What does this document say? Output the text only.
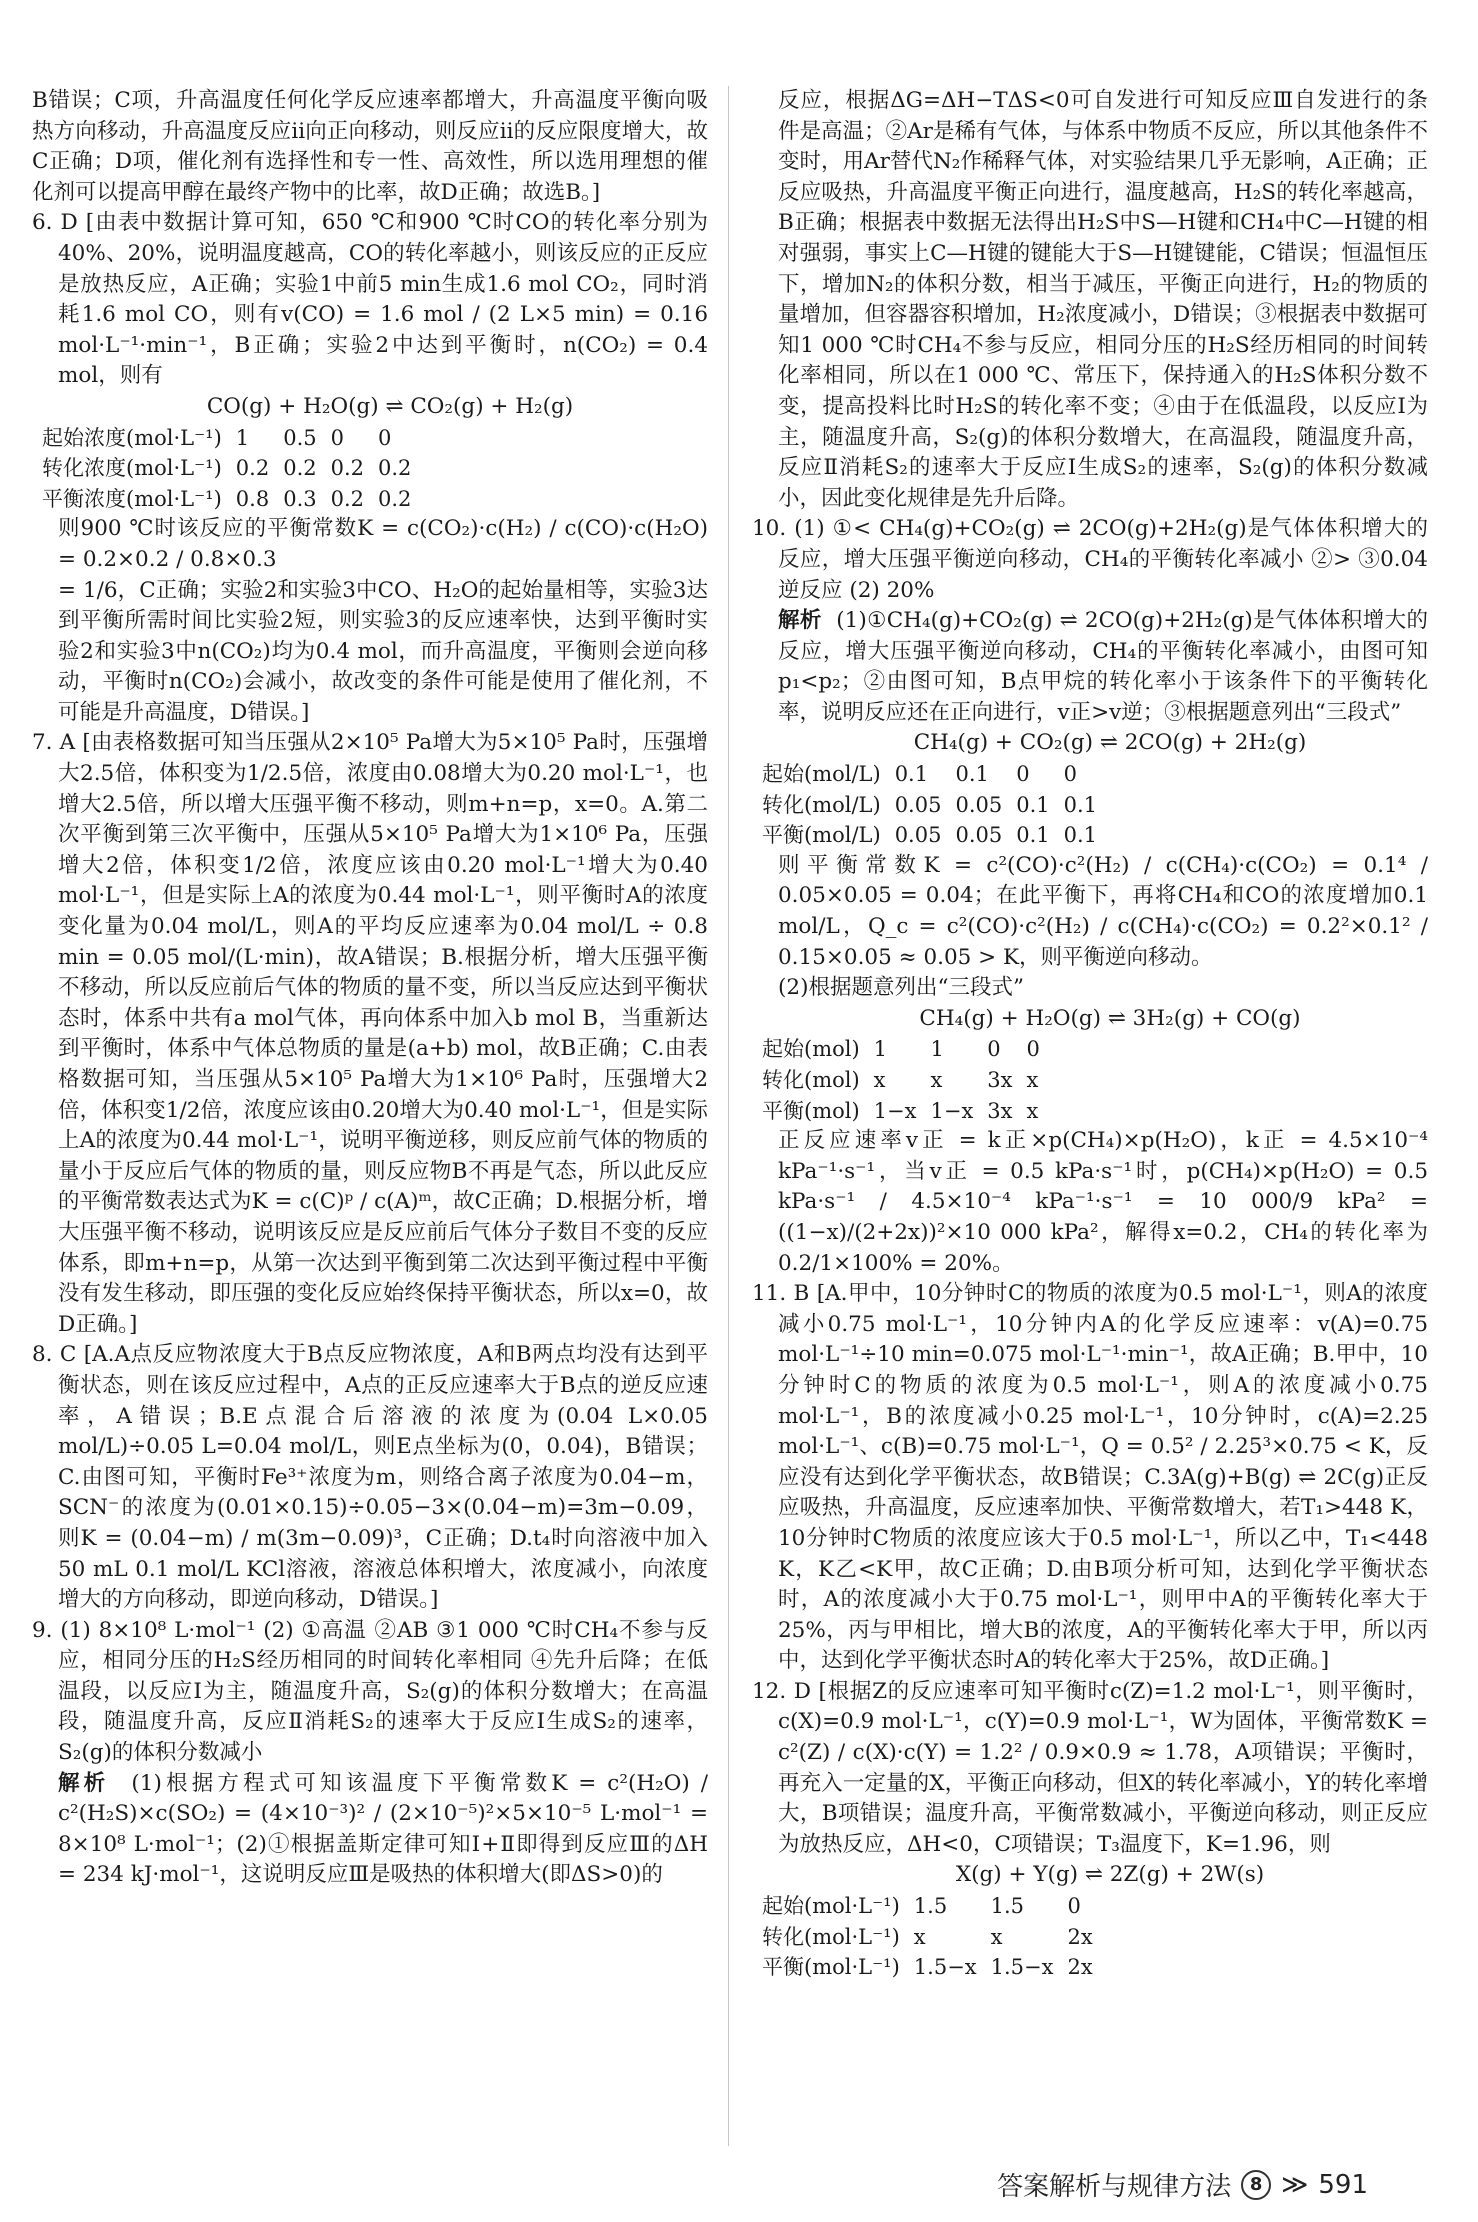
B错误；C项，升高温度任何化学反应速率都增大，升高温度平衡向吸热方向移动，升高温度反应ⅱ向正向移动，则反应ⅱ的反应限度增大，故C正确；D项，催化剂有选择性和专一性、高效性，所以选用理想的催化剂可以提高甲醇在最终产物中的比率，故D正确；故选B。]

6. D [由表中数据计算可知，650 ℃和900 ℃时CO的转化率分别为40%、20%，说明温度越高，CO的转化率越小，则该反应的正反应是放热反应，A正确；实验1中前5 min生成1.6 mol CO₂，同时消耗1.6 mol CO，则有v(CO) = 1.6 mol / (2 L×5 min) = 0.16 mol·L⁻¹·min⁻¹，B正确；实验2中达到平衡时，n(CO₂) = 0.4 mol，则有

CO(g) + H₂O(g) ⇌ CO₂(g) + H₂(g)

起始浓度(mol·L⁻¹)	1	0.5	0	0
转化浓度(mol·L⁻¹)	0.2	0.2	0.2	0.2
平衡浓度(mol·L⁻¹)	0.8	0.3	0.2	0.2

则900 ℃时该反应的平衡常数K = c(CO₂)·c(H₂) / c(CO)·c(H₂O) = 0.2×0.2 / 0.8×0.3

= 1/6，C正确；实验2和实验3中CO、H₂O的起始量相等，实验3达到平衡所需时间比实验2短，则实验3的反应速率快，达到平衡时实验2和实验3中n(CO₂)均为0.4 mol，而升高温度，平衡则会逆向移动，平衡时n(CO₂)会减小，故改变的条件可能是使用了催化剂，不可能是升高温度，D错误。]

7. A [由表格数据可知当压强从2×10⁵ Pa增大为5×10⁵ Pa时，压强增大2.5倍，体积变为1/2.5倍，浓度由0.08增大为0.20 mol·L⁻¹，也增大2.5倍，所以增大压强平衡不移动，则m+n=p，x=0。A.第二次平衡到第三次平衡中，压强从5×10⁵ Pa增大为1×10⁶ Pa，压强增大2倍，体积变1/2倍，浓度应该由0.20 mol·L⁻¹增大为0.40 mol·L⁻¹，但是实际上A的浓度为0.44 mol·L⁻¹，则平衡时A的浓度变化量为0.04 mol/L，则A的平均反应速率为0.04 mol/L ÷ 0.8 min = 0.05 mol/(L·min)，故A错误；B.根据分析，增大压强平衡不移动，所以反应前后气体的物质的量不变，所以当反应达到平衡状态时，体系中共有a mol气体，再向体系中加入b mol B，当重新达到平衡时，体系中气体总物质的量是(a+b) mol，故B正确；C.由表格数据可知，当压强从5×10⁵ Pa增大为1×10⁶ Pa时，压强增大2倍，体积变1/2倍，浓度应该由0.20增大为0.40 mol·L⁻¹，但是实际上A的浓度为0.44 mol·L⁻¹，说明平衡逆移，则反应前气体的物质的量小于反应后气体的物质的量，则反应物B不再是气态，所以此反应的平衡常数表达式为K = c(C)ᵖ / c(A)ᵐ，故C正确；D.根据分析，增大压强平衡不移动，说明该反应是反应前后气体分子数目不变的反应体系，即m+n=p，从第一次达到平衡到第二次达到平衡过程中平衡没有发生移动，即压强的变化反应始终保持平衡状态，所以x=0，故D正确。]

8. C [A.A点反应物浓度大于B点反应物浓度，A和B两点均没有达到平衡状态，则在该反应过程中，A点的正反应速率大于B点的逆反应速率，A错误；B.E点混合后溶液的浓度为(0.04 L×0.05 mol/L)÷0.05 L=0.04 mol/L，则E点坐标为(0，0.04)，B错误；C.由图可知，平衡时Fe³⁺浓度为m，则络合离子浓度为0.04−m，SCN⁻的浓度为(0.01×0.15)÷0.05−3×(0.04−m)=3m−0.09，则K = (0.04−m) / m(3m−0.09)³，C正确；D.t₄时向溶液中加入50 mL 0.1 mol/L KCl溶液，溶液总体积增大，浓度减小，向浓度增大的方向移动，即逆向移动，D错误。]

9. (1) 8×10⁸ L·mol⁻¹ (2) ①高温 ②AB ③1 000 ℃时CH₄不参与反应，相同分压的H₂S经历相同的时间转化率相同 ④先升后降；在低温段，以反应Ⅰ为主，随温度升高，S₂(g)的体积分数增大；在高温段，随温度升高，反应Ⅱ消耗S₂的速率大于反应Ⅰ生成S₂的速率，S₂(g)的体积分数减小

解析 (1)根据方程式可知该温度下平衡常数K = c²(H₂O) / c²(H₂S)×c(SO₂) = (4×10⁻³)² / (2×10⁻⁵)²×5×10⁻⁵ L·mol⁻¹ = 8×10⁸ L·mol⁻¹；(2)①根据盖斯定律可知Ⅰ+Ⅱ即得到反应Ⅲ的ΔH = 234 kJ·mol⁻¹，这说明反应Ⅲ是吸热的体积增大(即ΔS>0)的

反应，根据ΔG=ΔH−TΔS<0可自发进行可知反应Ⅲ自发进行的条件是高温；②Ar是稀有气体，与体系中物质不反应，所以其他条件不变时，用Ar替代N₂作稀释气体，对实验结果几乎无影响，A正确；正反应吸热，升高温度平衡正向进行，温度越高，H₂S的转化率越高，B正确；根据表中数据无法得出H₂S中S—H键和CH₄中C—H键的相对强弱，事实上C—H键的键能大于S—H键键能，C错误；恒温恒压下，增加N₂的体积分数，相当于减压，平衡正向进行，H₂的物质的量增加，但容器容积增加，H₂浓度减小，D错误；③根据表中数据可知1 000 ℃时CH₄不参与反应，相同分压的H₂S经历相同的时间转化率相同，所以在1 000 ℃、常压下，保持通入的H₂S体积分数不变，提高投料比时H₂S的转化率不变；④由于在低温段，以反应Ⅰ为主，随温度升高，S₂(g)的体积分数增大，在高温段，随温度升高，反应Ⅱ消耗S₂的速率大于反应Ⅰ生成S₂的速率，S₂(g)的体积分数减小，因此变化规律是先升后降。

10. (1) ①< CH₄(g)+CO₂(g) ⇌ 2CO(g)+2H₂(g)是气体体积增大的反应，增大压强平衡逆向移动，CH₄的平衡转化率减小 ②> ③0.04 逆反应 (2) 20%

解析 (1)①CH₄(g)+CO₂(g) ⇌ 2CO(g)+2H₂(g)是气体体积增大的反应，增大压强平衡逆向移动，CH₄的平衡转化率减小，由图可知p₁<p₂；②由图可知，B点甲烷的转化率小于该条件下的平衡转化率，说明反应还在正向进行，v正>v逆；③根据题意列出“三段式”

CH₄(g) + CO₂(g) ⇌ 2CO(g) + 2H₂(g)

起始(mol/L)	0.1	0.1	0	0
转化(mol/L)	0.05	0.05	0.1	0.1
平衡(mol/L)	0.05	0.05	0.1	0.1

则平衡常数K = c²(CO)·c²(H₂) / c(CH₄)·c(CO₂) = 0.1⁴ / 0.05×0.05 = 0.04；在此平衡下，再将CH₄和CO的浓度增加0.1 mol/L，Q_c = c²(CO)·c²(H₂) / c(CH₄)·c(CO₂) = 0.2²×0.1² / 0.15×0.05 ≈ 0.05 > K，则平衡逆向移动。

(2)根据题意列出“三段式”

CH₄(g) + H₂O(g) ⇌ 3H₂(g) + CO(g)

起始(mol)	1	1	0	0
转化(mol)	x	x	3x	x
平衡(mol)	1−x	1−x	3x	x

正反应速率v正 = k正×p(CH₄)×p(H₂O)，k正 = 4.5×10⁻⁴ kPa⁻¹·s⁻¹，当v正 = 0.5 kPa·s⁻¹时，p(CH₄)×p(H₂O) = 0.5 kPa·s⁻¹ / 4.5×10⁻⁴ kPa⁻¹·s⁻¹ = 10 000/9 kPa² = ((1−x)/(2+2x))²×10 000 kPa²，解得x=0.2，CH₄的转化率为0.2/1×100% = 20%。

11. B [A.甲中，10分钟时C的物质的浓度为0.5 mol·L⁻¹，则A的浓度减小0.75 mol·L⁻¹，10分钟内A的化学反应速率：v(A)=0.75 mol·L⁻¹÷10 min=0.075 mol·L⁻¹·min⁻¹，故A正确；B.甲中，10分钟时C的物质的浓度为0.5 mol·L⁻¹，则A的浓度减小0.75 mol·L⁻¹，B的浓度减小0.25 mol·L⁻¹，10分钟时，c(A)=2.25 mol·L⁻¹、c(B)=0.75 mol·L⁻¹，Q = 0.5² / 2.25³×0.75 < K，反应没有达到化学平衡状态，故B错误；C.3A(g)+B(g) ⇌ 2C(g)正反应吸热，升高温度，反应速率加快、平衡常数增大，若T₁>448 K，10分钟时C物质的浓度应该大于0.5 mol·L⁻¹，所以乙中，T₁<448 K，K乙<K甲，故C正确；D.由B项分析可知，达到化学平衡状态时，A的浓度减小大于0.75 mol·L⁻¹，则甲中A的平衡转化率大于25%，丙与甲相比，增大B的浓度，A的平衡转化率大于甲，所以丙中，达到化学平衡状态时A的转化率大于25%，故D正确。]

12. D [根据Z的反应速率可知平衡时c(Z)=1.2 mol·L⁻¹，则平衡时，c(X)=0.9 mol·L⁻¹，c(Y)=0.9 mol·L⁻¹，W为固体，平衡常数K = c²(Z) / c(X)·c(Y) = 1.2² / 0.9×0.9 ≈ 1.78，A项错误；平衡时，再充入一定量的X，平衡正向移动，但X的转化率减小，Y的转化率增大，B项错误；温度升高，平衡常数减小，平衡逆向移动，则正反应为放热反应，ΔH<0，C项错误；T₃温度下，K=1.96，则

X(g) + Y(g) ⇌ 2Z(g) + 2W(s)

起始(mol·L⁻¹)	1.5	1.5	0
转化(mol·L⁻¹)	x	x	2x
平衡(mol·L⁻¹)	1.5−x	1.5−x	2x
答案解析与规律方法	8 ≫ 591
